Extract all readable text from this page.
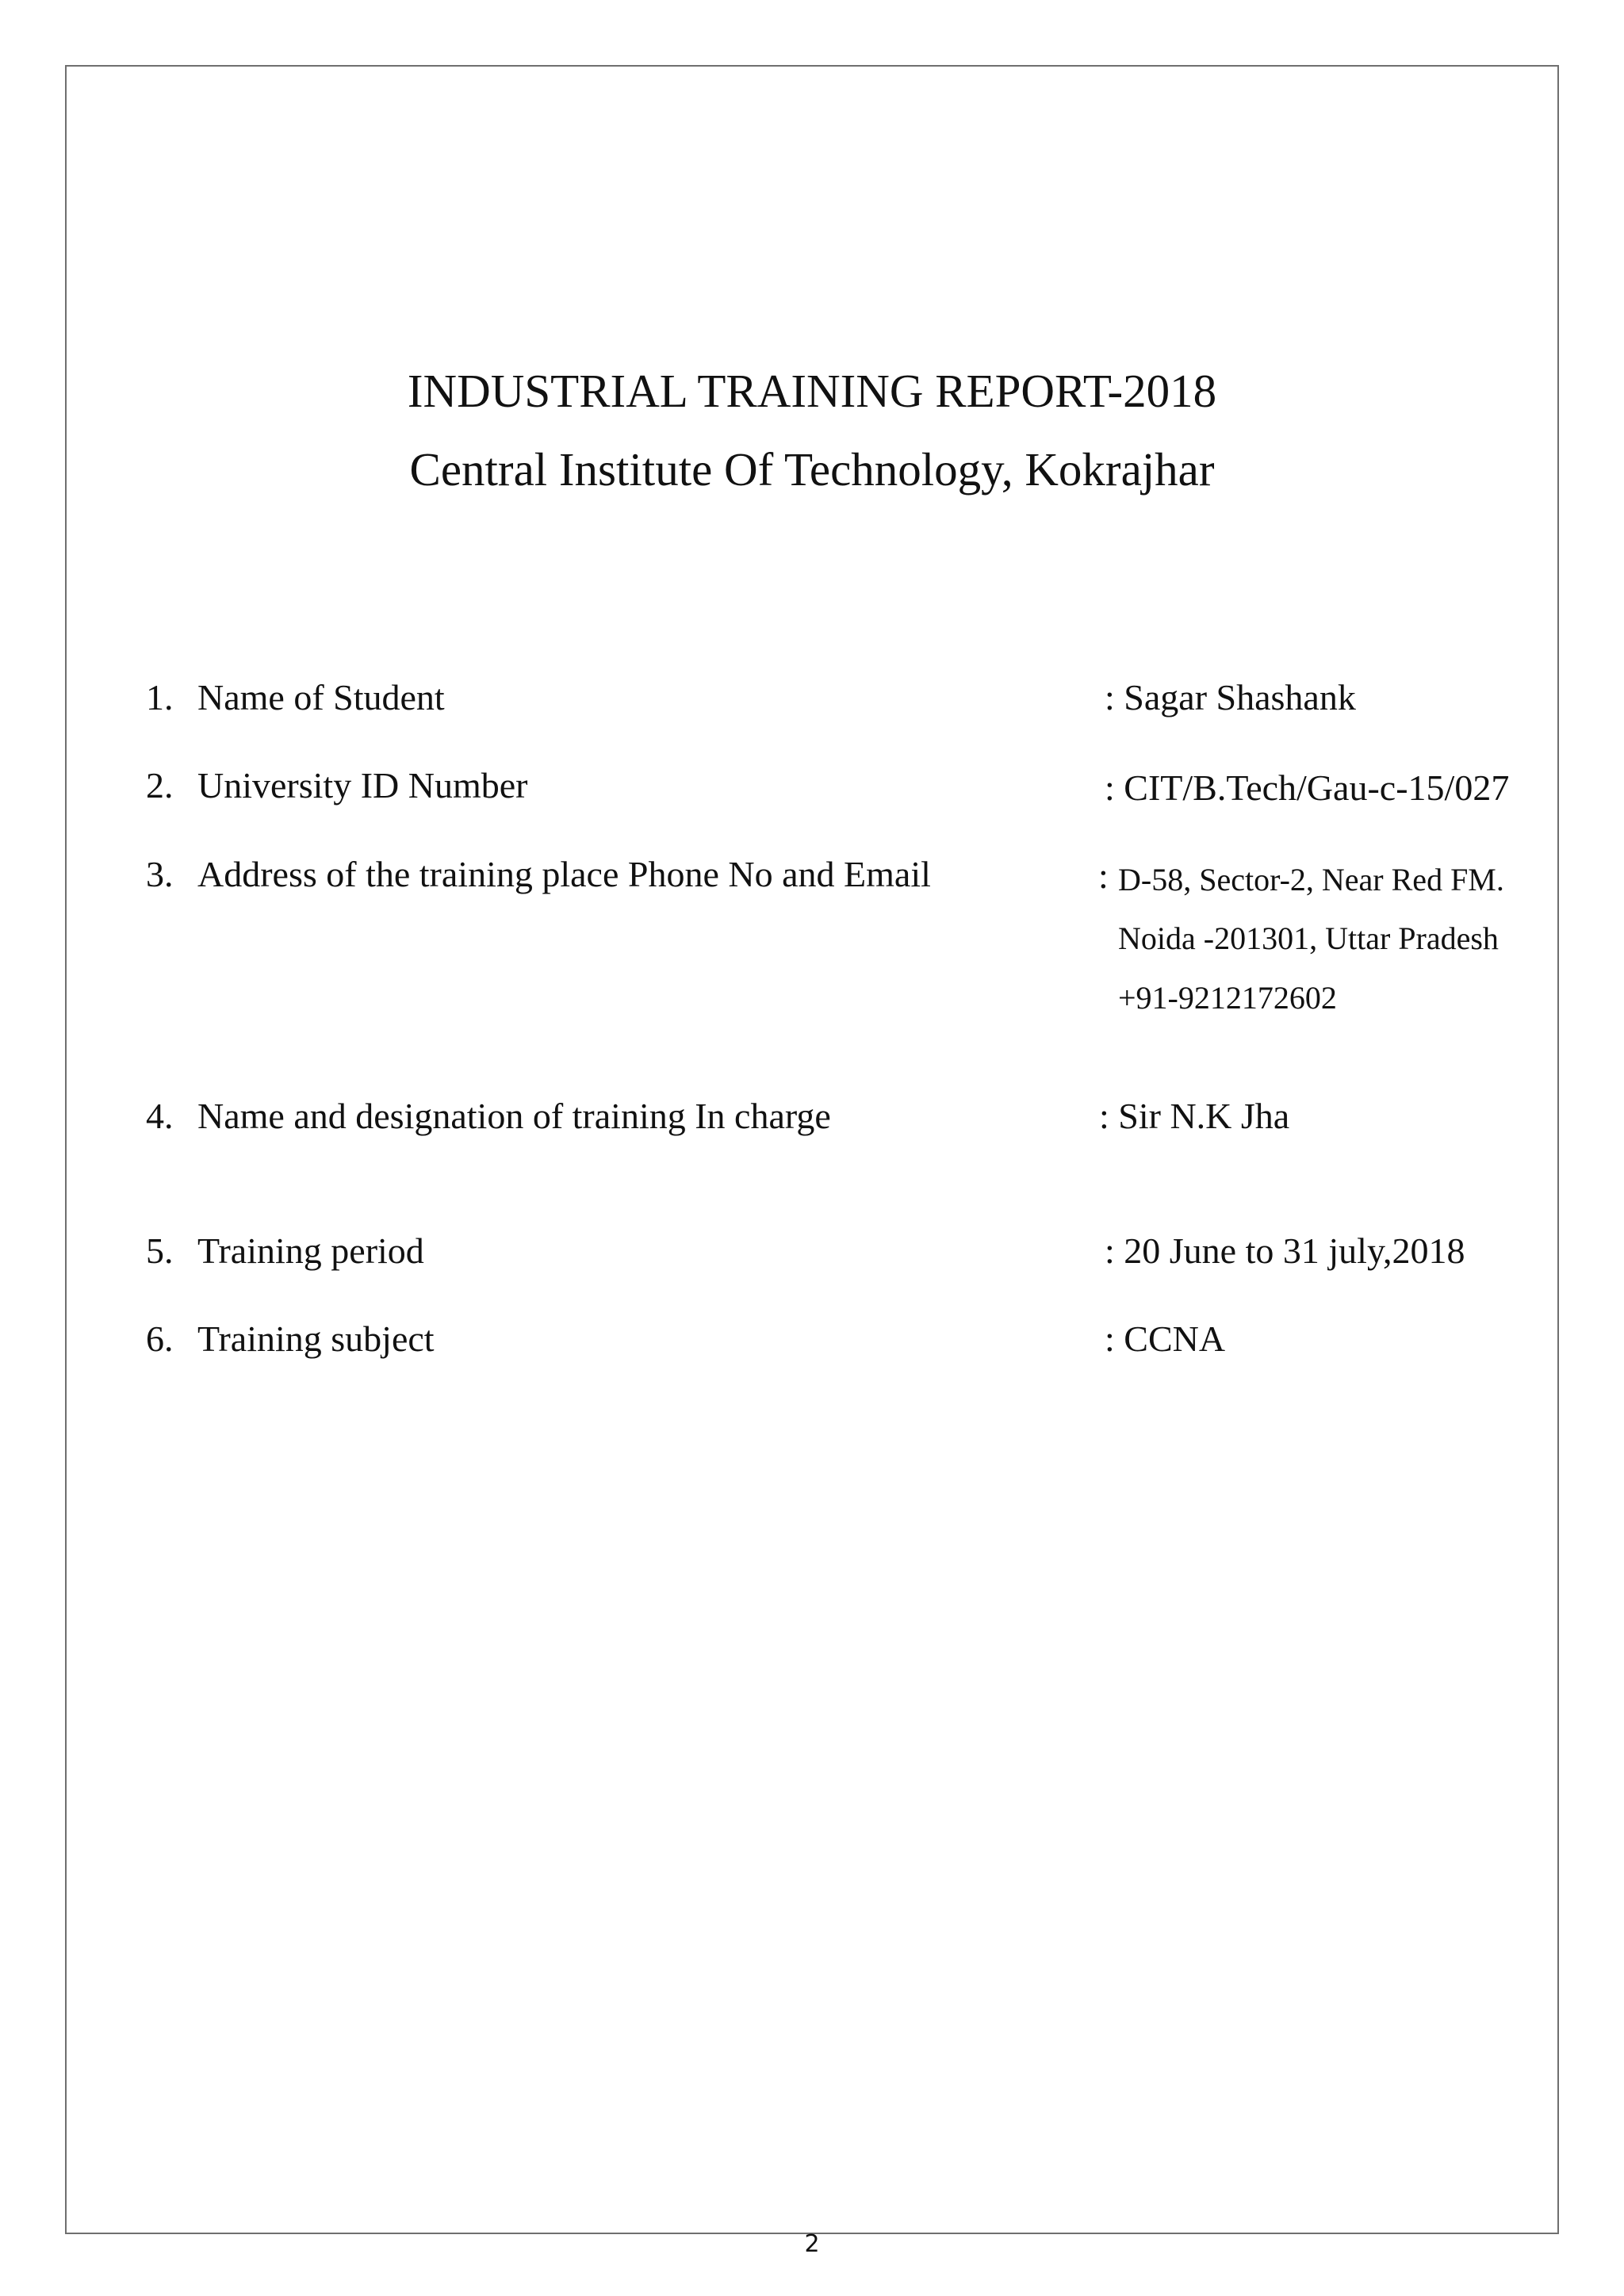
INDUSTRIAL TRAINING REPORT-2018
Central Institute Of Technology, Kokrajhar
1. Name of Student	: Sagar Shashank
2. University ID Number	: CIT/B.Tech/Gau-c-15/027
3. Address of the training place Phone No and Email	: D-58, Sector-2, Near Red FM.
Noida -201301, Uttar Pradesh
+91-9212172602
4. Name and designation of training In charge	: Sir N.K Jha
5. Training period	: 20 June to 31 july,2018
6. Training subject	: CCNA
2
